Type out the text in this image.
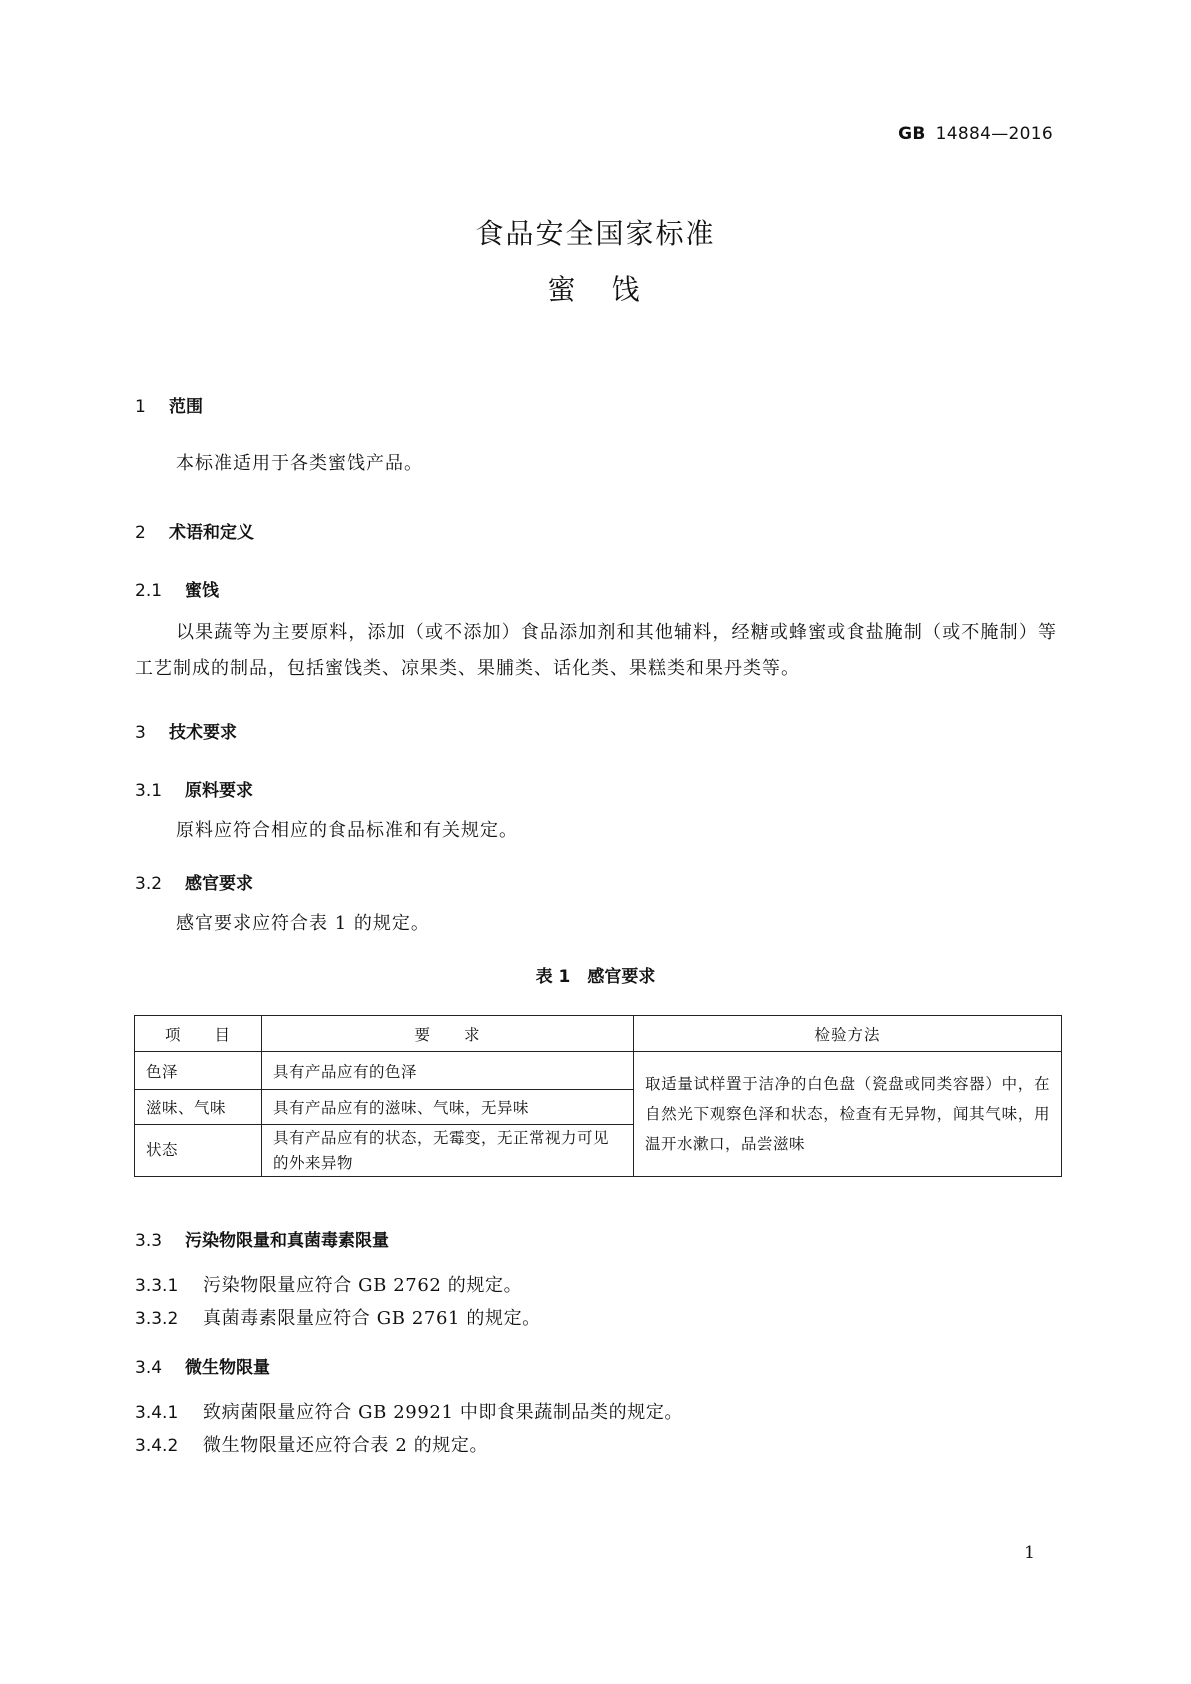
GB 14884—2016
食品安全国家标准
蜜　饯
1 范围
本标准适用于各类蜜饯产品。
2 术语和定义
2.1 蜜饯
以果蔬等为主要原料，添加（或不添加）食品添加剂和其他辅料，经糖或蜂蜜或食盐腌制（或不腌制）等工艺制成的制品，包括蜜饯类、凉果类、果脯类、话化类、果糕类和果丹类等。
3 技术要求
3.1 原料要求
原料应符合相应的食品标准和有关规定。
3.2 感官要求
感官要求应符合表 1 的规定。
表 1　感官要求
项　　目	要　　求	检验方法
色泽	具有产品应有的色泽	取适量试样置于洁净的白色盘（瓷盘或同类容器）中，在自然光下观察色泽和状态，检查有无异物，闻其气味，用温开水漱口，品尝滋味
滋味、气味	具有产品应有的滋味、气味，无异味	
状态	具有产品应有的状态，无霉变，无正常视力可见的外来异物	
3.3 污染物限量和真菌毒素限量
3.3.1 污染物限量应符合 GB 2762 的规定。
3.3.2 真菌毒素限量应符合 GB 2761 的规定。
3.4 微生物限量
3.4.1 致病菌限量应符合 GB 29921 中即食果蔬制品类的规定。
3.4.2 微生物限量还应符合表 2 的规定。
1
